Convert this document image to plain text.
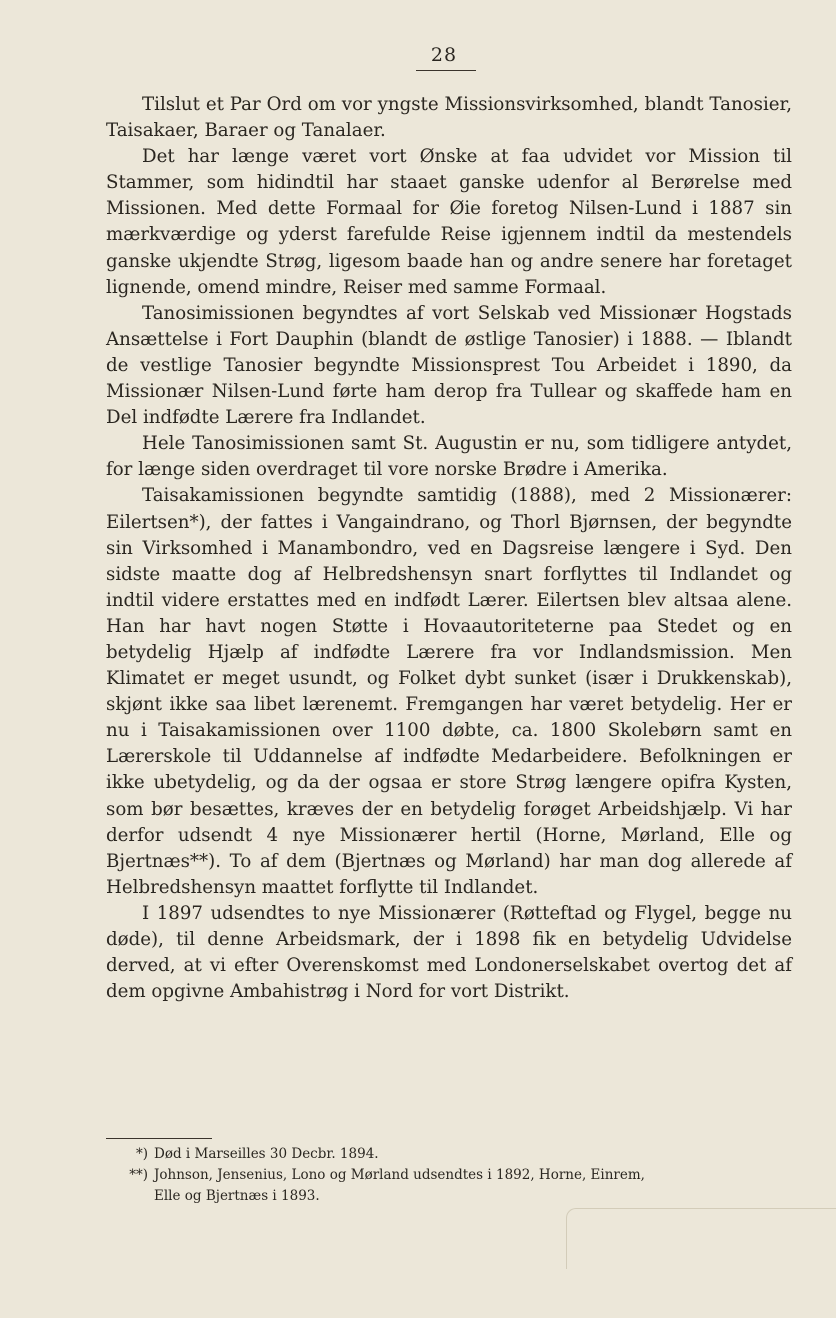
28

Tilslut et Par Ord om vor yngste Missionsvirksomhed, blandt Tanosier, Taisakaer, Baraer og Tanalaer.

Det har længe været vort Ønske at faa udvidet vor Mission til Stammer, som hidindtil har staaet ganske udenfor al Berørelse med Missionen. Med dette Formaal for Øie foretog Nilsen-Lund i 1887 sin mærkværdige og yderst farefulde Reise igjennem indtil da mestendels ganske ukjendte Strøg, ligesom baade han og andre senere har foretaget lignende, omend mindre, Reiser med samme Formaal.

Tanosimissionen begyndtes af vort Selskab ved Missionær Hogstads Ansættelse i Fort Dauphin (blandt de østlige Tanosier) i 1888. — Iblandt de vestlige Tanosier begyndte Missionsprest Tou Arbeidet i 1890, da Missionær Nilsen-Lund førte ham derop fra Tullear og skaffede ham en Del indfødte Lærere fra Indlandet.

Hele Tanosimissionen samt St. Augustin er nu, som tidligere antydet, for længe siden overdraget til vore norske Brødre i Amerika.

Taisakamissionen begyndte samtidig (1888), med 2 Missionærer: Eilertsen*), der fattes i Vangaindrano, og Thorl Bjørnsen, der begyndte sin Virksomhed i Manambondro, ved en Dagsreise længere i Syd. Den sidste maatte dog af Helbredshensyn snart forflyttes til Indlandet og indtil videre erstattes med en indfødt Lærer. Eilertsen blev altsaa alene. Han har havt nogen Støtte i Hovaautoriteterne paa Stedet og en betydelig Hjælp af indfødte Lærere fra vor Indlandsmission. Men Klimatet er meget usundt, og Folket dybt sunket (især i Drukkenskab), skjønt ikke saa libet lærenemt. Fremgangen har været betydelig. Her er nu i Taisakamissionen over 1100 døbte, ca. 1800 Skolebørn samt en Lærerskole til Uddannelse af indfødte Medarbeidere. Befolkningen er ikke ubetydelig, og da der ogsaa er store Strøg længere opifra Kysten, som bør besættes, kræves der en betydelig forøget Arbeidshjælp. Vi har derfor udsendt 4 nye Missionærer hertil (Horne, Mørland, Elle og Bjertnæs**). To af dem (Bjertnæs og Mørland) har man dog allerede af Helbredshensyn maattet forflytte til Indlandet.

I 1897 udsendtes to nye Missionærer (Røtteftad og Flygel, begge nu døde), til denne Arbeidsmark, der i 1898 fik en betydelig Udvidelse derved, at vi efter Overenskomst med Londonerselskabet overtog det af dem opgivne Ambahistrøg i Nord for vort Distrikt.

*) Død i Marseilles 30 Decbr. 1894.

**) Johnson, Jensenius, Lono og Mørland udsendtes i 1892, Horne, Einrem,

Elle og Bjertnæs i 1893.
